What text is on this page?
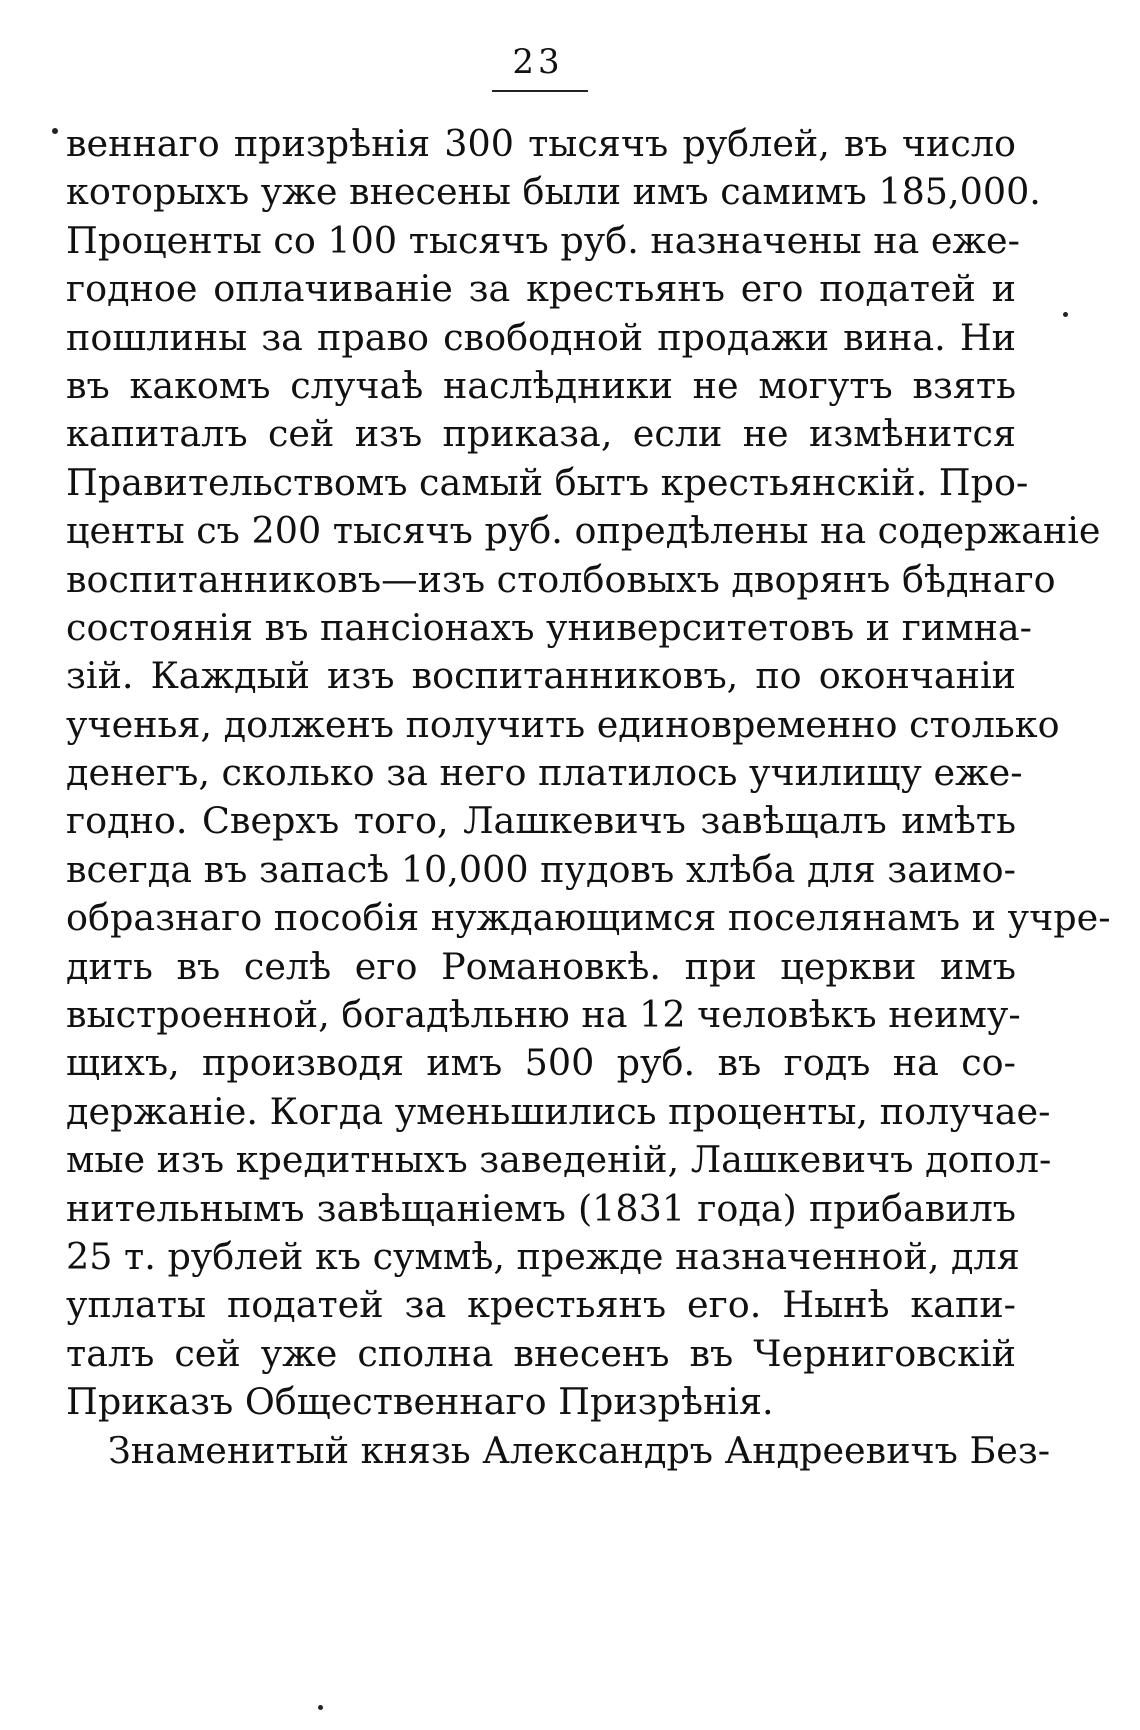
23
веннаго призрѣнія 300 тысячъ рублей, въ число
которыхъ уже внесены были имъ самимъ 185,000.
Проценты со 100 тысячъ руб. назначены на еже-
годное оплачиваніе за крестьянъ его податей и
пошлины за право свободной продажи вина. Ни
въ какомъ случаѣ наслѣдники не могутъ взять
капиталъ сей изъ приказа, если не измѣнится
Правительствомъ самый бытъ крестьянскій. Про-
центы съ 200 тысячъ руб. опредѣлены на содержаніе
воспитанниковъ—изъ столбовыхъ дворянъ бѣднаго
состоянія въ пансіонахъ университетовъ и гимна-
зій. Каждый изъ воспитанниковъ, по окончаніи
ученья, долженъ получить единовременно столько
денегъ, сколько за него платилось училищу еже-
годно. Сверхъ того, Лашкевичъ завѣщалъ имѣть
всегда въ запасѣ 10,000 пудовъ хлѣба для заимо-
образнаго пособія нуждающимся поселянамъ и учре-
дить въ селѣ его Романовкѣ. при церкви имъ
выстроенной, богадѣльню на 12 человѣкъ неиму-
щихъ, производя имъ 500 руб. въ годъ на со-
держаніе. Когда уменьшились проценты, получае-
мые изъ кредитныхъ заведеній, Лашкевичъ допол-
нительнымъ завѣщаніемъ (1831 года) прибавилъ
25 т. рублей къ суммѣ, прежде назначенной, для
уплаты податей за крестьянъ его. Нынѣ капи-
талъ сей уже сполна внесенъ въ Черниговскій
Приказъ Общественнаго Призрѣнія.
Знаменитый князь Александръ Андреевичъ Без-
